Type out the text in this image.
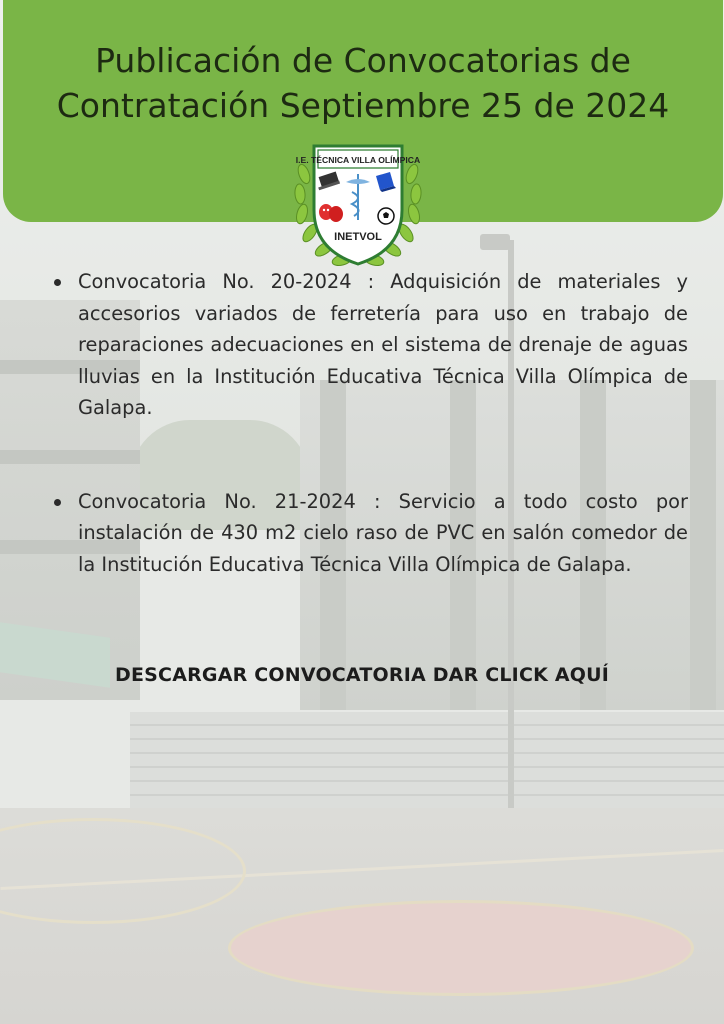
Publicación de Convocatorias de
Contratación Septiembre 25 de 2024
I.E. TÉCNICA VILLA OLÍMPICA
INETVOL
Convocatoria No. 20-2024 : Adquisición de materiales y accesorios variados de ferretería para uso en trabajo de reparaciones adecuaciones en el sistema de drenaje de aguas lluvias en la Institución Educativa Técnica Villa Olímpica de Galapa.
Convocatoria No. 21-2024 : Servicio a todo costo por instalación de 430 m2 cielo raso de PVC en salón comedor de la Institución Educativa Técnica Villa Olímpica de Galapa.
DESCARGAR CONVOCATORIA DAR CLICK AQUÍ
